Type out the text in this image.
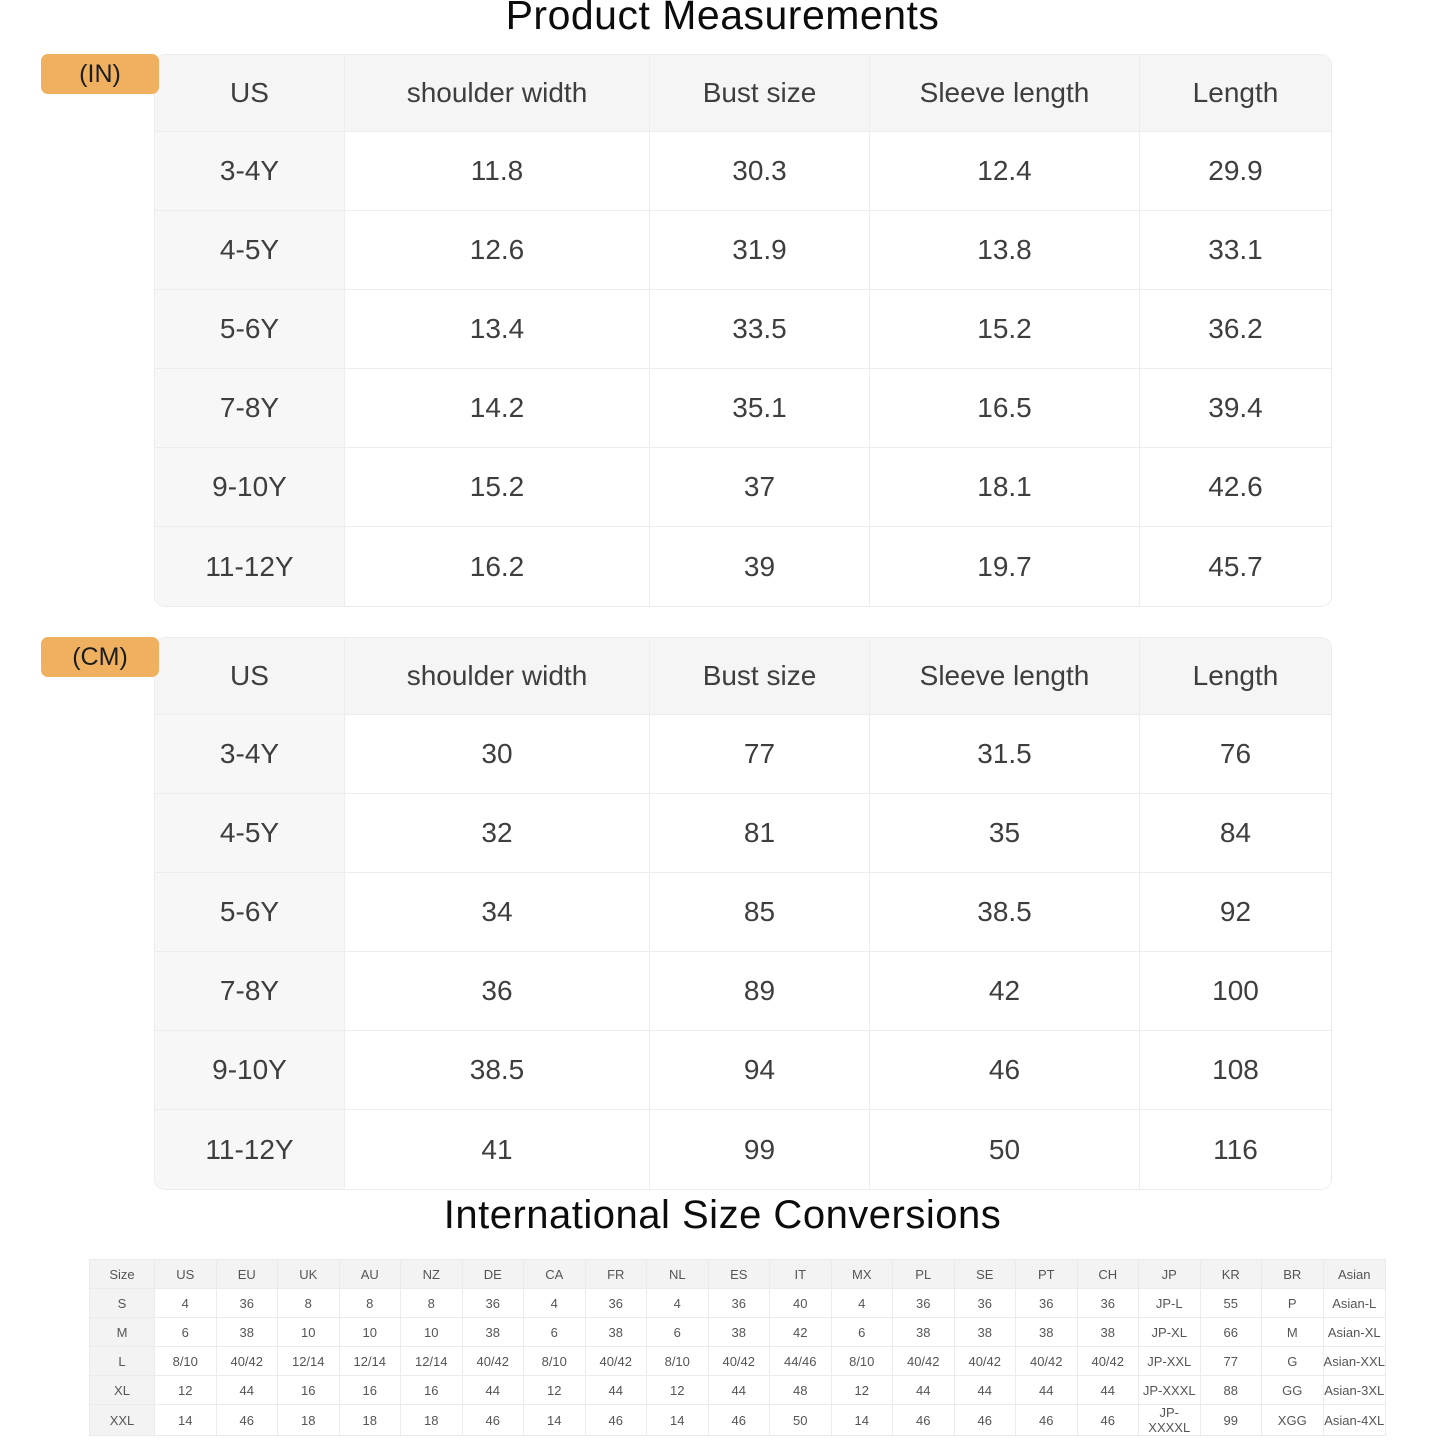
Product Measurements
(IN)
US	shoulder width	Bust size	Sleeve length	Length
3-4Y	11.8	30.3	12.4	29.9
4-5Y	12.6	31.9	13.8	33.1
5-6Y	13.4	33.5	15.2	36.2
7-8Y	14.2	35.1	16.5	39.4
9-10Y	15.2	37	18.1	42.6
11-12Y	16.2	39	19.7	45.7
(CM)
US	shoulder width	Bust size	Sleeve length	Length
3-4Y	30	77	31.5	76
4-5Y	32	81	35	84
5-6Y	34	85	38.5	92
7-8Y	36	89	42	100
9-10Y	38.5	94	46	108
11-12Y	41	99	50	116
International Size Conversions
Size	US	EU	UK	AU	NZ	DE	CA	FR	NL	ES	IT	MX	PL	SE	PT	CH	JP	KR	BR	Asian
S	4	36	8	8	8	36	4	36	4	36	40	4	36	36	36	36	JP-L	55	P	Asian-L
M	6	38	10	10	10	38	6	38	6	38	42	6	38	38	38	38	JP-XL	66	M	Asian-XL
L	8/10	40/42	12/14	12/14	12/14	40/42	8/10	40/42	8/10	40/42	44/46	8/10	40/42	40/42	40/42	40/42	JP-XXL	77	G	Asian-XXL
XL	12	44	16	16	16	44	12	44	12	44	48	12	44	44	44	44	JP-XXXL	88	GG	Asian-3XL
XXL	14	46	18	18	18	46	14	46	14	46	50	14	46	46	46	46	JP-XXXXL	99	XGG	Asian-4XL
